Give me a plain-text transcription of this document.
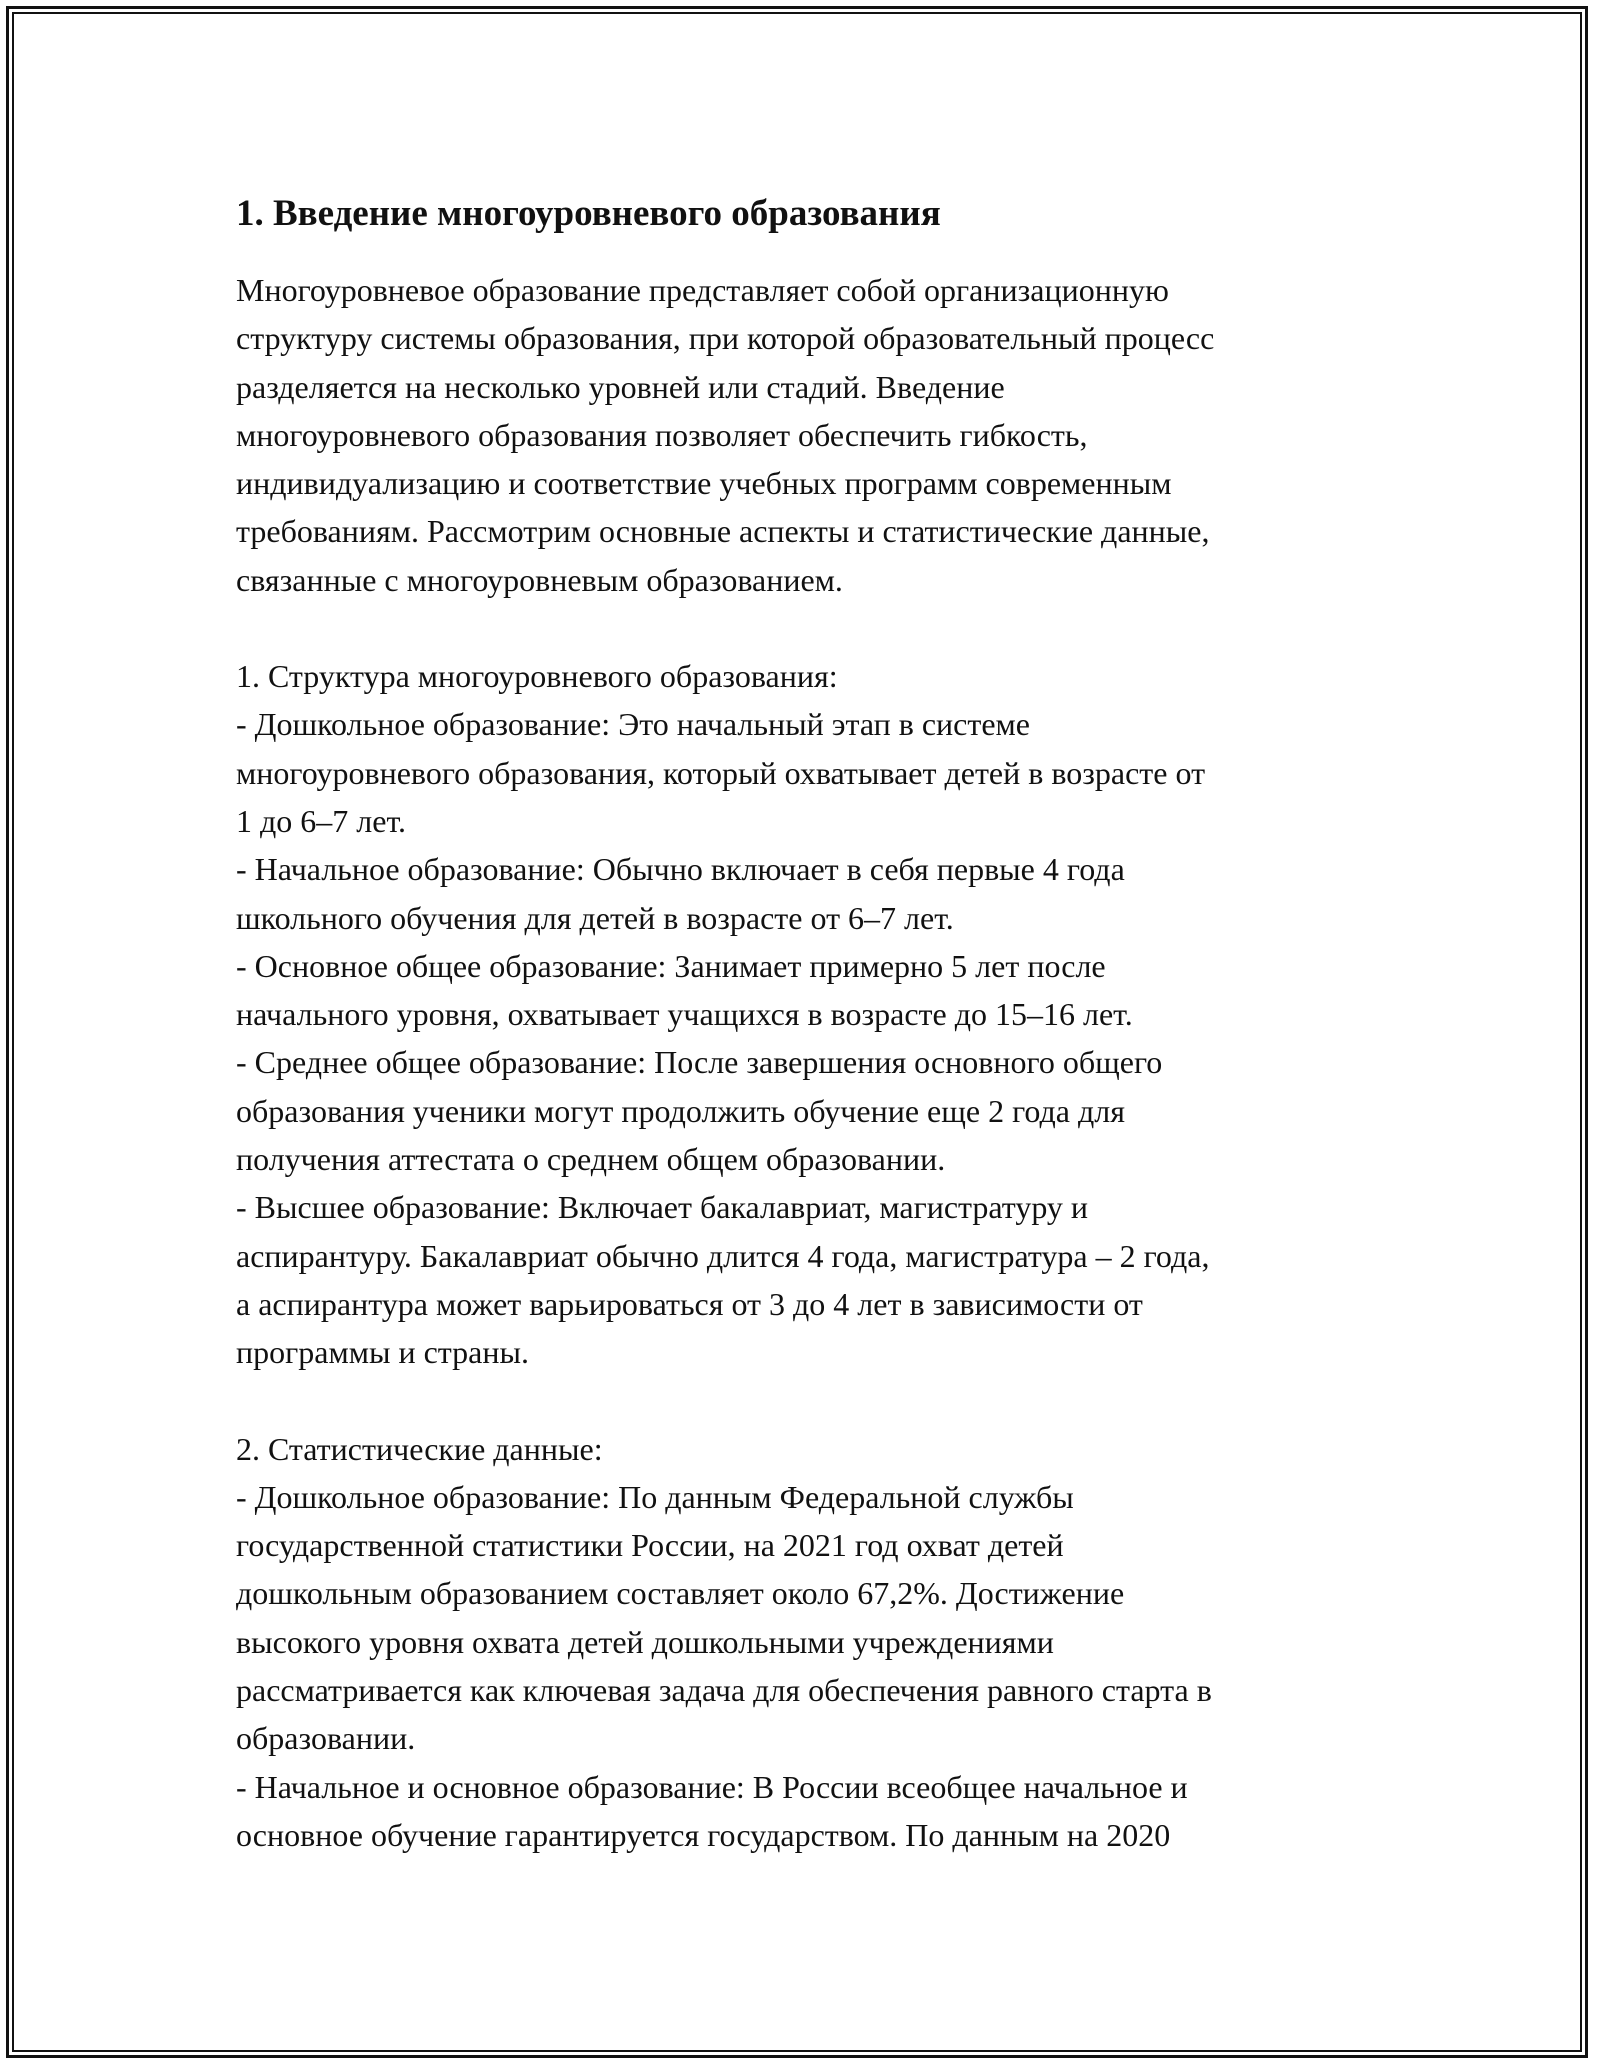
1. Введение многоуровневого образования

Многоуровневое образование представляет собой организационную
структуру системы образования, при которой образовательный процесс
разделяется на несколько уровней или стадий. Введение
многоуровневого образования позволяет обеспечить гибкость,
индивидуализацию и соответствие учебных программ современным
требованиям. Рассмотрим основные аспекты и статистические данные,
связанные с многоуровневым образованием.

1. Структура многоуровневого образования:

- Дошкольное образование: Это начальный этап в системе
многоуровневого образования, который охватывает детей в возрасте от
1 до 6–7 лет.

- Начальное образование: Обычно включает в себя первые 4 года
школьного обучения для детей в возрасте от 6–7 лет.

- Основное общее образование: Занимает примерно 5 лет после
начального уровня, охватывает учащихся в возрасте до 15–16 лет.

- Среднее общее образование: После завершения основного общего
образования ученики могут продолжить обучение еще 2 года для
получения аттестата о среднем общем образовании.

- Высшее образование: Включает бакалавриат, магистратуру и
аспирантуру. Бакалавриат обычно длится 4 года, магистратура – 2 года,
а аспирантура может варьироваться от 3 до 4 лет в зависимости от
программы и страны.

2. Статистические данные:

- Дошкольное образование: По данным Федеральной службы
государственной статистики России, на 2021 год охват детей
дошкольным образованием составляет около 67,2%. Достижение
высокого уровня охвата детей дошкольными учреждениями
рассматривается как ключевая задача для обеспечения равного старта в
образовании.

- Начальное и основное образование: В России всеобщее начальное и
основное обучение гарантируется государством. По данным на 2020
